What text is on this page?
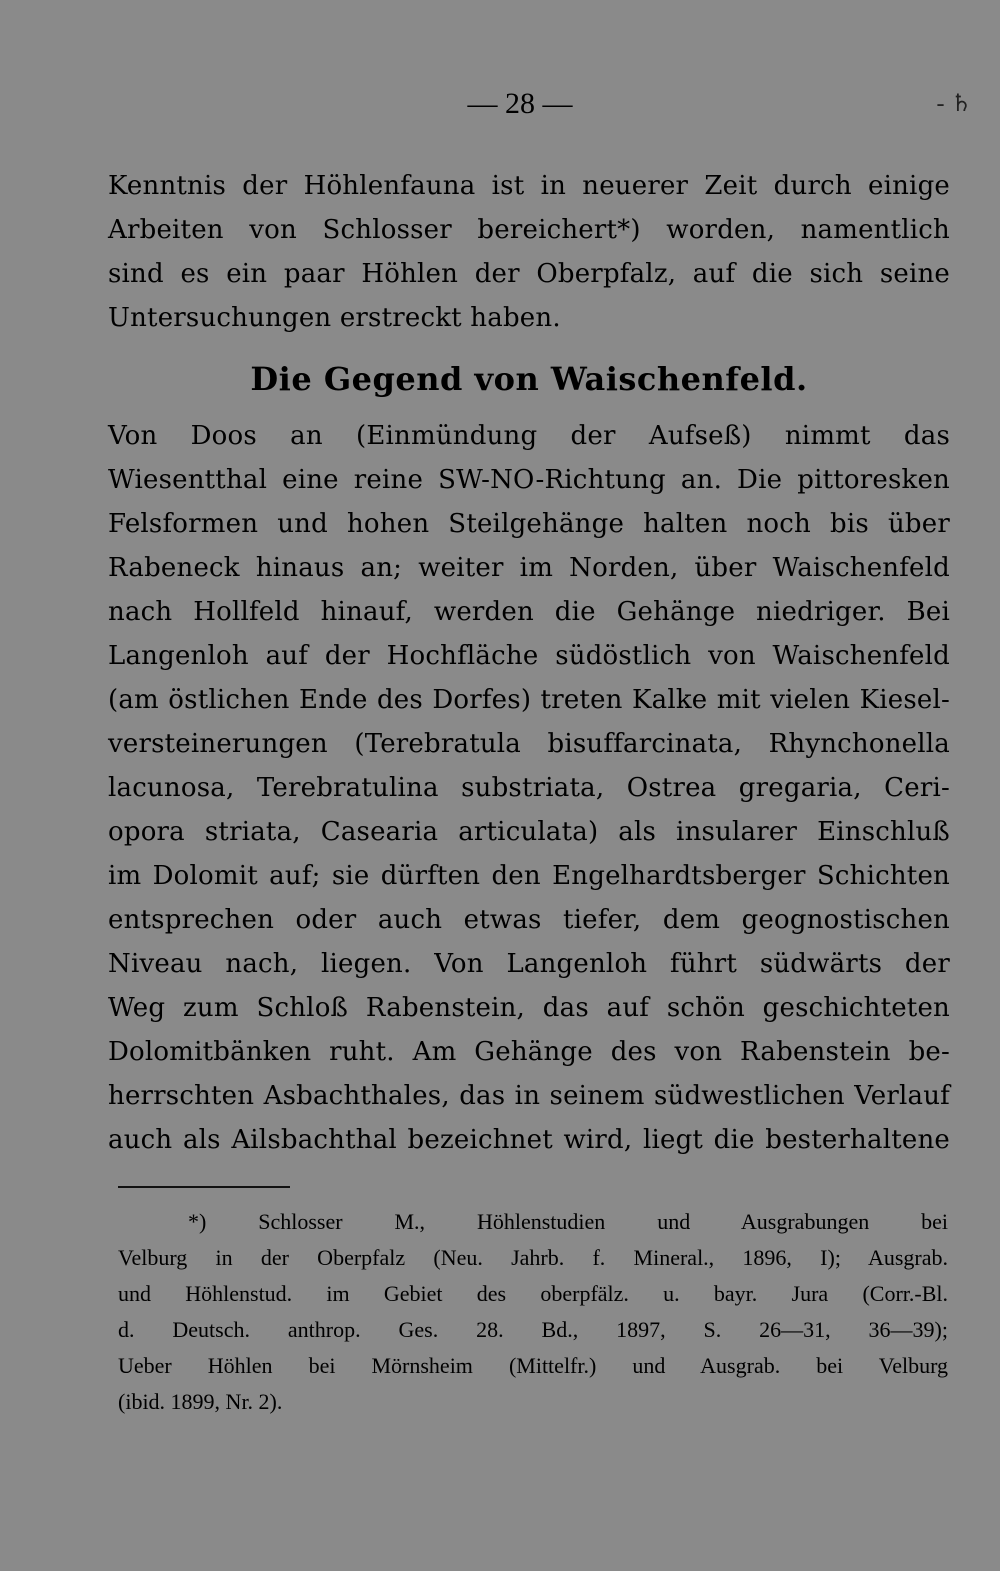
— 28 —	- ♄
Kenntnis der Höhlenfauna ist in neuerer Zeit durch einige
Arbeiten von Schlosser bereichert*) worden, namentlich
sind es ein paar Höhlen der Oberpfalz, auf die sich seine
Untersuchungen erstreckt haben.
Die Gegend von Waischenfeld.
Von Doos an (Einmündung der Aufseß) nimmt das
Wiesentthal eine reine SW-NO-Richtung an. Die pittoresken
Felsformen und hohen Steilgehänge halten noch bis über
Rabeneck hinaus an; weiter im Norden, über Waischenfeld
nach Hollfeld hinauf, werden die Gehänge niedriger. Bei
Langenloh auf der Hochfläche südöstlich von Waischenfeld
(am östlichen Ende des Dorfes) treten Kalke mit vielen Kiesel-
versteinerungen (Terebratula bisuffarcinata, Rhynchonella
lacunosa, Terebratulina substriata, Ostrea gregaria, Ceri-
opora striata, Casearia articulata) als insularer Einschluß
im Dolomit auf; sie dürften den Engelhardtsberger Schichten
entsprechen oder auch etwas tiefer, dem geognostischen
Niveau nach, liegen. Von Langenloh führt südwärts der
Weg zum Schloß Rabenstein, das auf schön geschichteten
Dolomitbänken ruht. Am Gehänge des von Rabenstein be-
herrschten Asbachthales, das in seinem südwestlichen Verlauf
auch als Ailsbachthal bezeichnet wird, liegt die besterhaltene
*) Schlosser M., Höhlenstudien und Ausgrabungen bei
Velburg in der Oberpfalz (Neu. Jahrb. f. Mineral., 1896, I); Ausgrab.
und Höhlenstud. im Gebiet des oberpfälz. u. bayr. Jura (Corr.-Bl.
d. Deutsch. anthrop. Ges. 28. Bd., 1897, S. 26—31, 36—39);
Ueber Höhlen bei Mörnsheim (Mittelfr.) und Ausgrab. bei Velburg
(ibid. 1899, Nr. 2).
